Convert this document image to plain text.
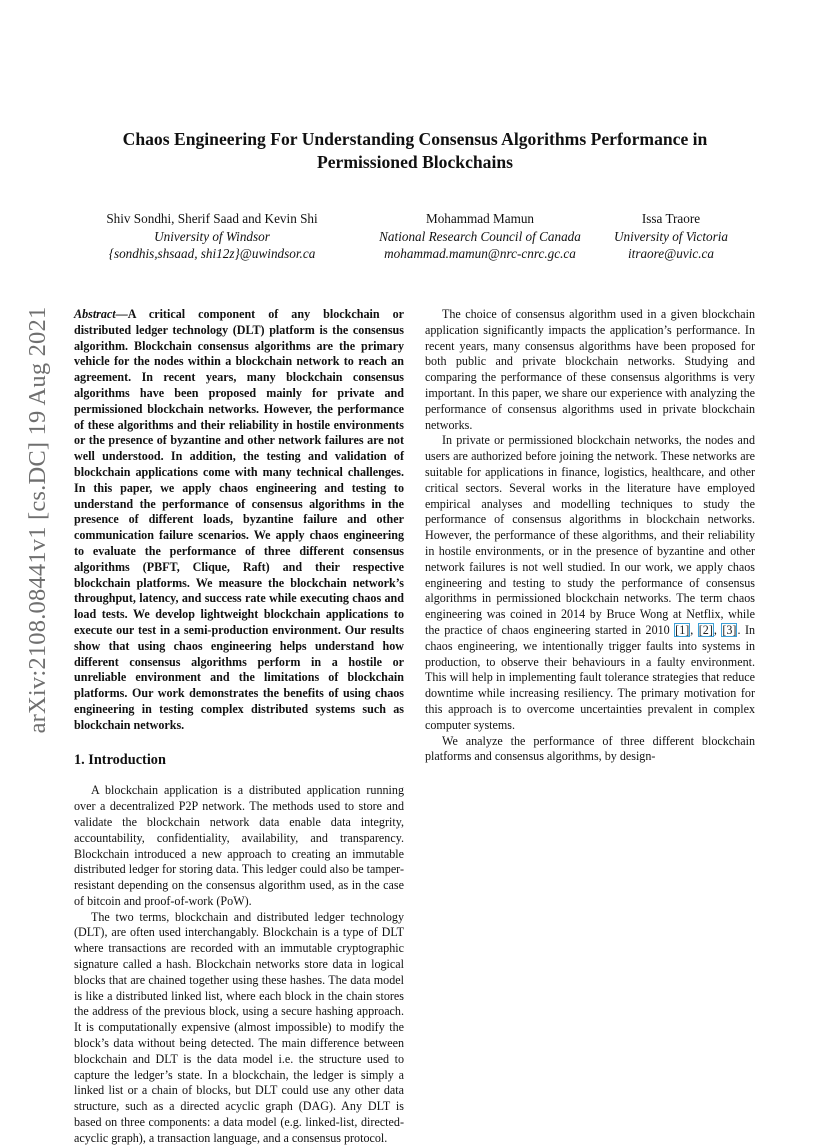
arXiv:2108.08441v1 [cs.DC] 19 Aug 2021
Chaos Engineering For Understanding Consensus Algorithms Performance in
Permissioned Blockchains
Shiv Sondhi, Sherif Saad and Kevin Shi
University of Windsor
{sondhis,shsaad, shi12z}@uwindsor.ca
Mohammad Mamun
National Research Council of Canada
mohammad.mamun@nrc-cnrc.gc.ca
Issa Traore
University of Victoria
itraore@uvic.ca

Abstract—A critical component of any blockchain or distributed ledger technology (DLT) platform is the consensus algorithm. Blockchain consensus algorithms are the primary vehicle for the nodes within a blockchain network to reach an agreement. In recent years, many blockchain consensus algorithms have been proposed mainly for private and permissioned blockchain networks. However, the performance of these algorithms and their reliability in hostile environments or the presence of byzantine and other network failures are not well understood. In addition, the testing and validation of blockchain applications come with many technical challenges. In this paper, we apply chaos engineering and testing to understand the performance of consensus algorithms in the presence of different loads, byzantine failure and other communication failure scenarios. We apply chaos engineering to evaluate the performance of three different consensus algorithms (PBFT, Clique, Raft) and their respective blockchain platforms. We measure the blockchain network’s throughput, latency, and success rate while executing chaos and load tests. We develop lightweight blockchain applications to execute our test in a semi-production environment. Our results show that using chaos engineering helps understand how different consensus algorithms perform in a hostile or unreliable environment and the limitations of blockchain platforms. Our work demonstrates the benefits of using chaos engineering in testing complex distributed systems such as blockchain networks.

1. Introduction

A blockchain application is a distributed application running over a decentralized P2P network. The methods used to store and validate the blockchain network data enable data integrity, accountability, confidentiality, availability, and transparency. Blockchain introduced a new approach to creating an immutable distributed ledger for storing data. This ledger could also be tamper-resistant depending on the consensus algorithm used, as in the case of bitcoin and proof-of-work (PoW).

The two terms, blockchain and distributed ledger technology (DLT), are often used interchangably. Blockchain is a type of DLT where transactions are recorded with an immutable cryptographic signature called a hash. Blockchain networks store data in logical blocks that are chained together using these hashes. The data model is like a distributed linked list, where each block in the chain stores the address of the previous block, using a secure hashing approach. It is computationally expensive (almost impossible) to modify the block’s data without being detected. The main difference between blockchain and DLT is the data model i.e. the structure used to capture the ledger’s state. In a blockchain, the ledger is simply a linked list or a chain of blocks, but DLT could use any other data structure, such as a directed acyclic graph (DAG). Any DLT is based on three components: a data model (e.g. linked-list, directed-acyclic graph), a transaction language, and a consensus protocol.

The choice of consensus algorithm used in a given blockchain application significantly impacts the application’s performance. In recent years, many consensus algorithms have been proposed for both public and private blockchain networks. Studying and comparing the performance of these consensus algorithms is very important. In this paper, we share our experience with analyzing the performance of consensus algorithms used in private blockchain networks.

In private or permissioned blockchain networks, the nodes and users are authorized before joining the network. These networks are suitable for applications in finance, logistics, healthcare, and other critical sectors. Several works in the literature have employed empirical analyses and modelling techniques to study the performance of consensus algorithms in blockchain networks. However, the performance of these algorithms, and their reliability in hostile environments, or in the presence of byzantine and other network failures is not well studied. In our work, we apply chaos engineering and testing to study the performance of consensus algorithms in permissioned blockchain networks. The term chaos engineering was coined in 2014 by Bruce Wong at Netflix, while the practice of chaos engineering started in 2010 [1], [2], [3]. In chaos engineering, we intentionally trigger faults into systems in production, to observe their behaviours in a faulty environment. This will help in implementing fault tolerance strategies that reduce downtime while increasing resiliency. The primary motivation for this approach is to overcome uncertainties prevalent in complex computer systems.

We analyze the performance of three different blockchain platforms and consensus algorithms, by design-
